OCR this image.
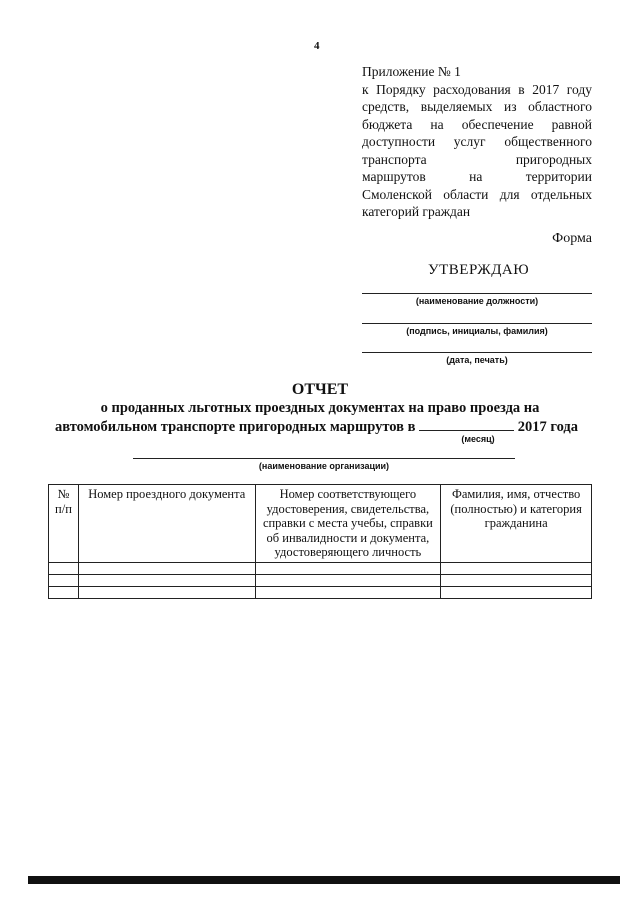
4
Приложение № 1
к Порядку расходования в 2017 году
средств, выделяемых из областного
бюджета на обеспечение равной
доступности услуг общественного
транспорта пригородных
маршрутов на территории
Смоленской области для отдельных
категорий граждан
Форма
УТВЕРЖДАЮ
(наименование должности)
(подпись, инициалы, фамилия)
(дата, печать)
ОТЧЕТ
о проданных льготных проездных документах на право проезда на
автомобильном транспорте пригородных маршрутов в	2017 года
(месяц)
(наименование организации)
№ п/п	Номер проездного документа	Номер соответствующего удостоверения, свидетельства, справки с места учебы, справки об инвалидности и документа, удостоверяющего личность	Фамилия, имя, отчество (полностью) и категория гражданина
